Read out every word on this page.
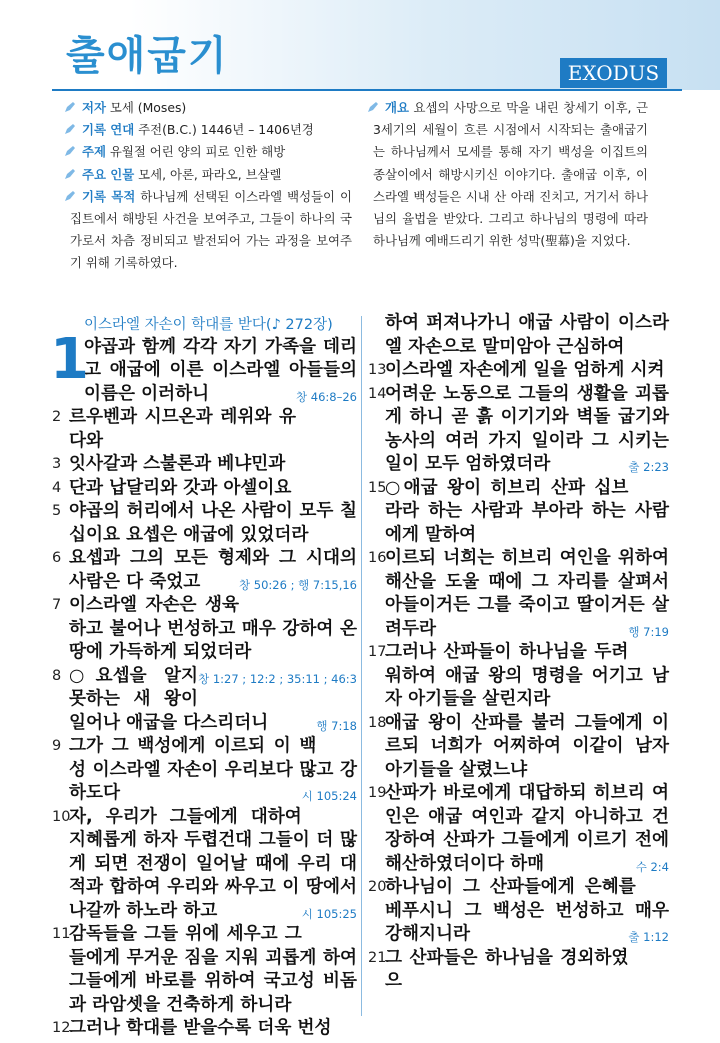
출애굽기	EXODUS
저자 모세 (Moses)
기록 연대 주전(B.C.) 1446년 – 1406년경
주제 유월절 어린 양의 피로 인한 해방
주요 인물 모세, 아론, 파라오, 브살렐
기록 목적 하나님께 선택된 이스라엘 백성들이 이집트에서 해방된 사건을 보여주고, 그들이 하나의 국가로서 차츰 정비되고 발전되어 가는 과정을 보여주기 위해 기록하였다.
개요 요셉의 사망으로 막을 내린 창세기 이후, 근 3세기의 세월이 흐른 시점에서 시작되는 출애굽기는 하나님께서 모세를 통해 자기 백성을 이집트의 종살이에서 해방시키신 이야기다. 출애굽 이후, 이스라엘 백성들은 시내 산 아래 진치고, 거기서 하나님의 율법을 받았다. 그리고 하나님의 명령에 따라 하나님께 예배드리기 위한 성막(聖幕)을 지었다.
이스라엘 자손이 학대를 받다(♪ 272장)
1
야곱과 함께 각각 자기 가족을 데리고 애굽에 이른 이스라엘 아들들의 이름은 이러하니	창 46:8–26
2 르우벤과 시므온과 레위와 유다와
3 잇사갈과 스불론과 베냐민과
4 단과 납달리와 갓과 아셀이요
5 야곱의 허리에서 나온 사람이 모두 칠십이요 요셉은 애굽에 있었더라
6 요셉과 그의 모든 형제와 그 시대의 사람은 다 죽었고	창 50:26 ; 행 7:15,16
7 이스라엘 자손은 생육하고 불어나 번성하고 매우 강하여 온 땅에 가득하게 되었더라
창 1:27 ; 12:2 ; 35:11 ; 46:3
8 ○요셉을 알지 못하는 새 왕이 일어나 애굽을 다스리더니	행 7:18
9 그가 그 백성에게 이르되 이 백성 이스라엘 자손이 우리보다 많고 강하도다	시 105:24
10
자, 우리가 그들에게 대하여 지혜롭게 하자 두렵건대 그들이 더 많게 되면 전쟁이 일어날 때에 우리 대적과 합하여 우리와 싸우고 이 땅에서 나갈까 하노라 하고	시 105:25
11
감독들을 그들 위에 세우고 그들에게 무거운 짐을 지워 괴롭게 하여 그들에게 바로를 위하여 국고성 비돔과 라암셋을 건축하게 하니라
12
그러나 학대를 받을수록 더욱 번성
하여 퍼져나가니 애굽 사람이 이스라엘 자손으로 말미암아 근심하여
13
이스라엘 자손에게 일을 엄하게 시켜
14
어려운 노동으로 그들의 생활을 괴롭게 하니 곧 흙 이기기와 벽돌 굽기와 농사의 여러 가지 일이라 그 시키는 일이 모두 엄하였더라	출 2:23
15
○애굽 왕이 히브리 산파 십브라라 하는 사람과 부아라 하는 사람에게 말하여
16
이르되 너희는 히브리 여인을 위하여 해산을 도울 때에 그 자리를 살펴서 아들이거든 그를 죽이고 딸이거든 살려두라	행 7:19
17
그러나 산파들이 하나님을 두려워하여 애굽 왕의 명령을 어기고 남자 아기들을 살린지라
18
애굽 왕이 산파를 불러 그들에게 이르되 너희가 어찌하여 이같이 남자 아기들을 살렸느냐
19
산파가 바로에게 대답하되 히브리 여인은 애굽 여인과 같지 아니하고 건장하여 산파가 그들에게 이르기 전에 해산하였더이다 하매	수 2:4
20
하나님이 그 산파들에게 은혜를 베푸시니 그 백성은 번성하고 매우 강해지니라	출 1:12
21
그 산파들은 하나님을 경외하였으
